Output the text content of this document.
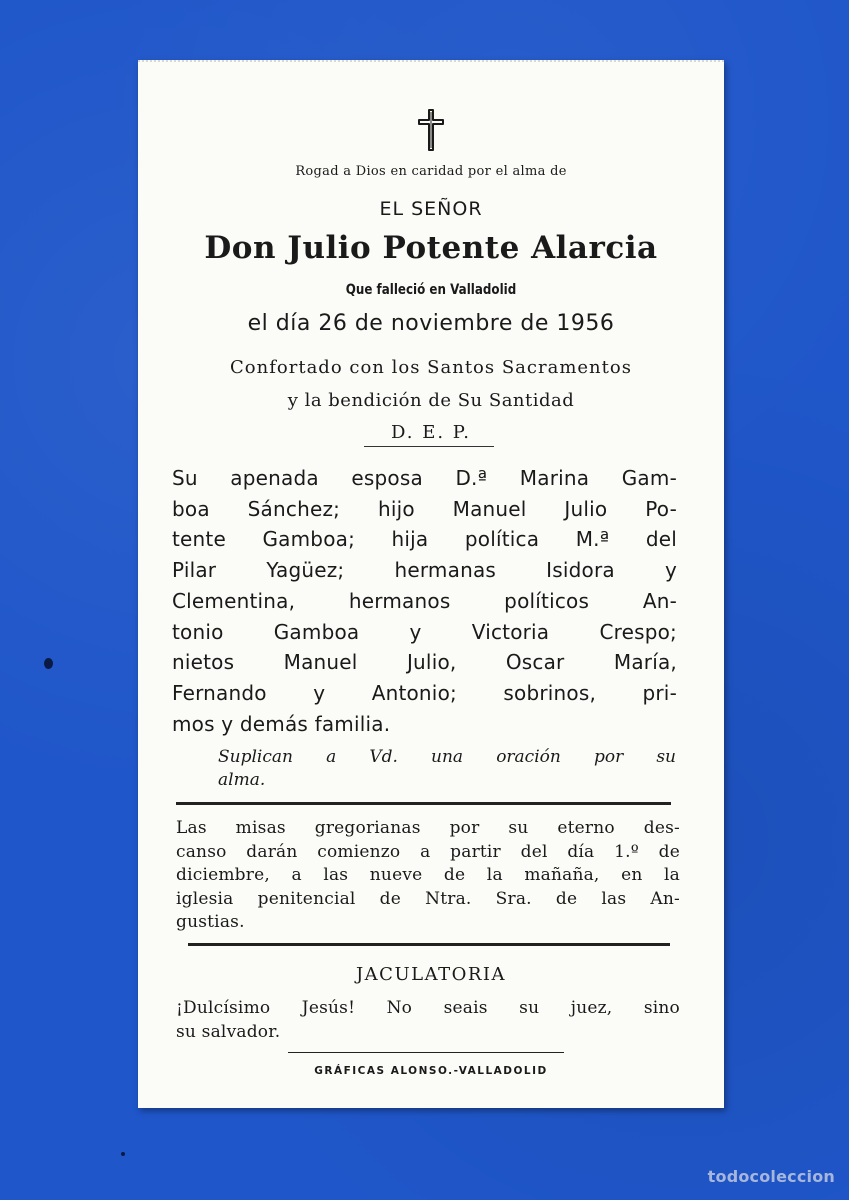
Rogad a Dios en caridad por el alma de
EL SEÑOR
Don Julio Potente Alarcia
Que falleció en Valladolid
el día 26 de noviembre de 1956
Confortado con los Santos Sacramentos
y la bendición de Su Santidad
D. E. P.
Su apenada esposa D.ª Marina Gam-
boa Sánchez; hijo Manuel Julio Po-
tente Gamboa; hija política M.ª del
Pilar Yagüez; hermanas Isidora y
Clementina, hermanos políticos An-
tonio Gamboa y Victoria Crespo;
nietos Manuel Julio, Oscar María,
Fernando y Antonio; sobrinos, pri-
mos y demás familia.
Suplican a Vd. una oración por su
alma.
Las misas gregorianas por su eterno des-
canso darán comienzo a partir del día 1.º de
diciembre, a las nueve de la mañaña, en la
iglesia penitencial de Ntra. Sra. de las An-
gustias.
JACULATORIA
¡Dulcísimo Jesús! No seais su juez, sino
su salvador.
GRÁFICAS ALONSO.-VALLADOLID
todocoleccion
